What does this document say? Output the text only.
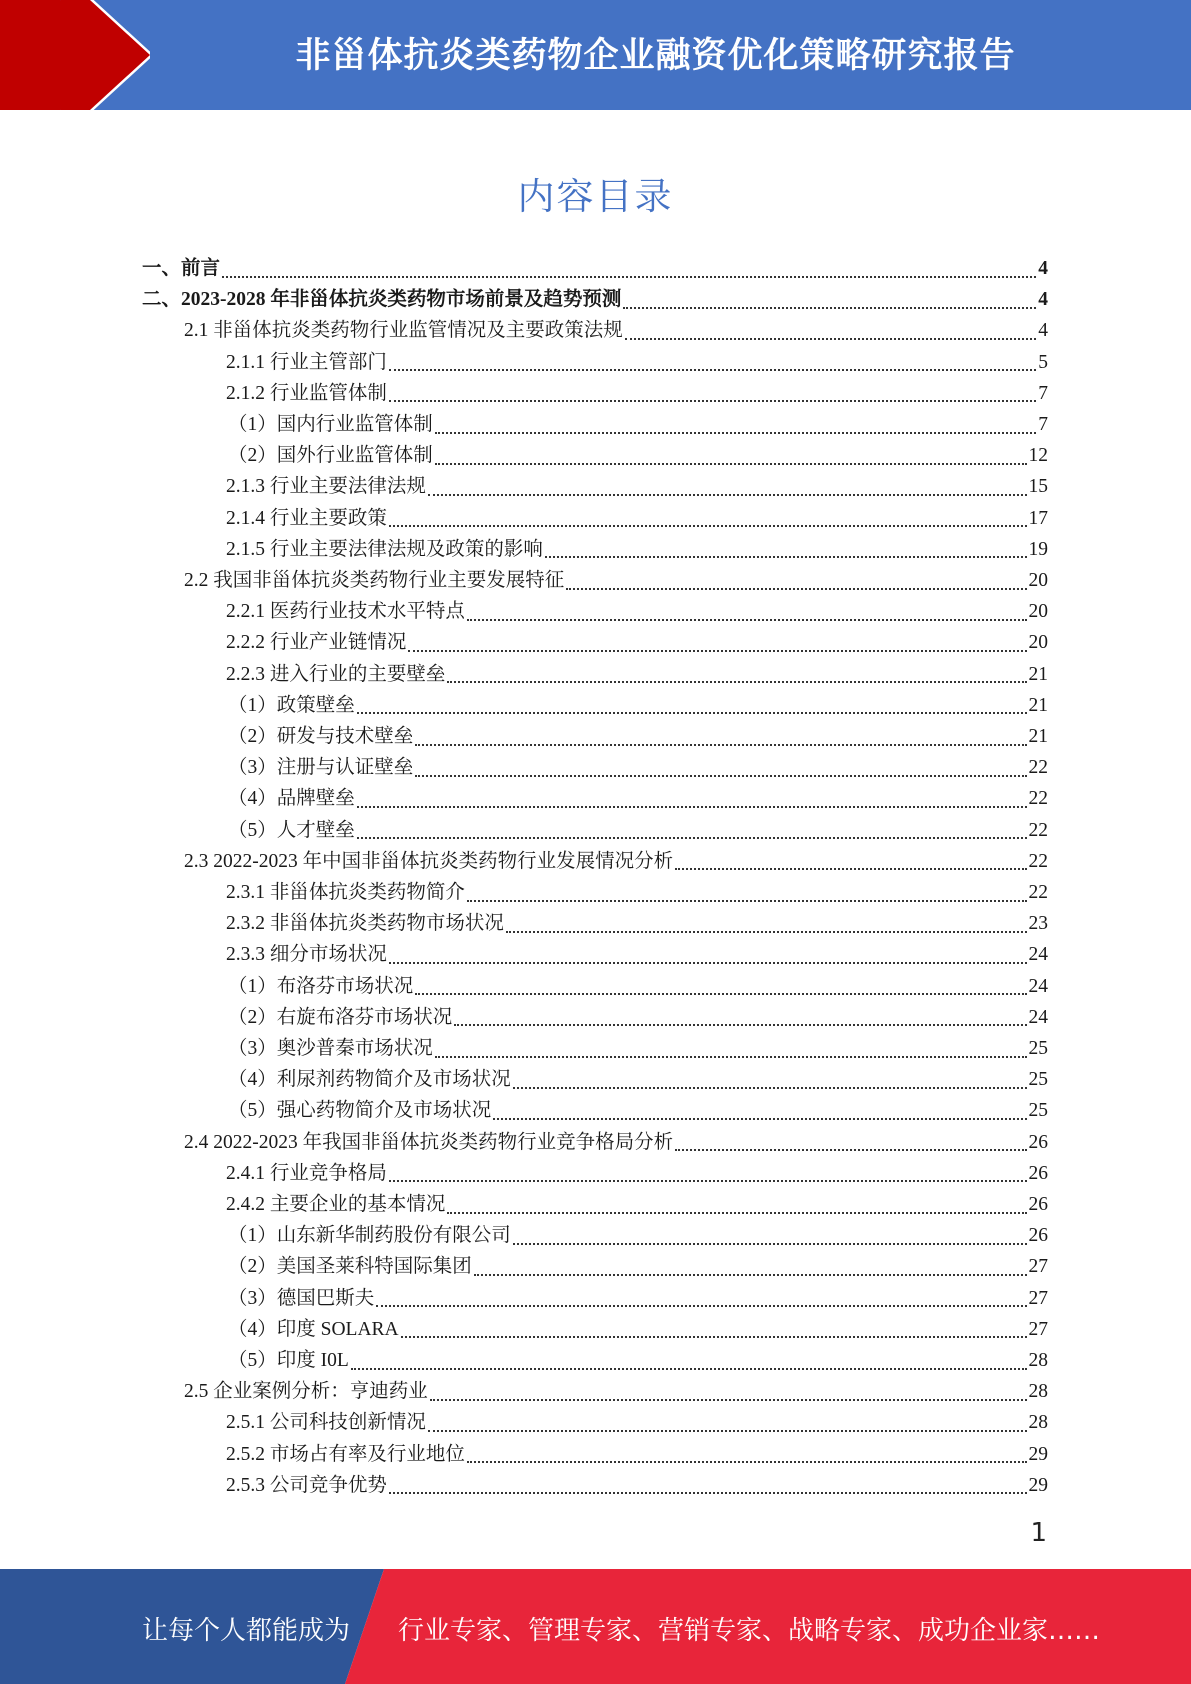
非甾体抗炎类药物企业融资优化策略研究报告
内容目录
一、前言	4
二、2023-2028 年非甾体抗炎类药物市场前景及趋势预测	4
2.1 非甾体抗炎类药物行业监管情况及主要政策法规	4
2.1.1 行业主管部门	5
2.1.2 行业监管体制	7
（1）国内行业监管体制	7
（2）国外行业监管体制	12
2.1.3 行业主要法律法规	15
2.1.4 行业主要政策	17
2.1.5 行业主要法律法规及政策的影响	19
2.2 我国非甾体抗炎类药物行业主要发展特征	20
2.2.1 医药行业技术水平特点	20
2.2.2 行业产业链情况	20
2.2.3 进入行业的主要壁垒	21
（1）政策壁垒	21
（2）研发与技术壁垒	21
（3）注册与认证壁垒	22
（4）品牌壁垒	22
（5）人才壁垒	22
2.3 2022-2023 年中国非甾体抗炎类药物行业发展情况分析	22
2.3.1 非甾体抗炎类药物简介	22
2.3.2 非甾体抗炎类药物市场状况	23
2.3.3 细分市场状况	24
（1）布洛芬市场状况	24
（2）右旋布洛芬市场状况	24
（3）奥沙普秦市场状况	25
（4）利尿剂药物简介及市场状况	25
（5）强心药物简介及市场状况	25
2.4 2022-2023 年我国非甾体抗炎类药物行业竞争格局分析	26
2.4.1 行业竞争格局	26
2.4.2 主要企业的基本情况	26
（1）山东新华制药股份有限公司	26
（2）美国圣莱科特国际集团	27
（3）德国巴斯夫	27
（4）印度 SOLARA	27
（5）印度 I0L	28
2.5 企业案例分析：亨迪药业	28
2.5.1 公司科技创新情况	28
2.5.2 市场占有率及行业地位	29
2.5.3 公司竞争优势	29
1
让每个人都能成为 行业专家、管理专家、营销专家、战略专家、成功企业家……
